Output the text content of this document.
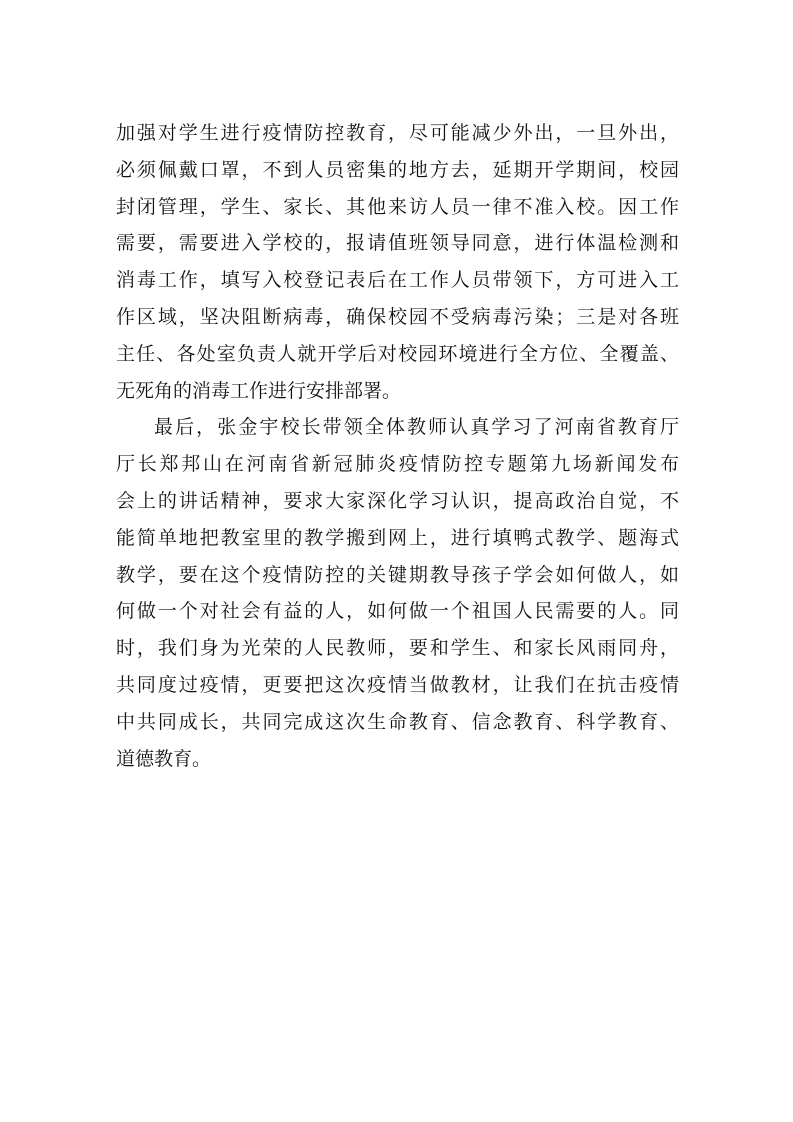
加强对学生进行疫情防控教育，尽可能减少外出，一旦外出，
必须佩戴口罩，不到人员密集的地方去，延期开学期间，校园
封闭管理，学生、家长、其他来访人员一律不准入校。因工作
需要，需要进入学校的，报请值班领导同意，进行体温检测和
消毒工作，填写入校登记表后在工作人员带领下，方可进入工
作区域，坚决阻断病毒，确保校园不受病毒污染；三是对各班
主任、各处室负责人就开学后对校园环境进行全方位、全覆盖、
无死角的消毒工作进行安排部署。

最后，张金宇校长带领全体教师认真学习了河南省教育厅
厅长郑邦山在河南省新冠肺炎疫情防控专题第九场新闻发布
会上的讲话精神，要求大家深化学习认识，提高政治自觉，不
能简单地把教室里的教学搬到网上，进行填鸭式教学、题海式
教学，要在这个疫情防控的关键期教导孩子学会如何做人，如
何做一个对社会有益的人，如何做一个祖国人民需要的人。同
时，我们身为光荣的人民教师，要和学生、和家长风雨同舟，
共同度过疫情，更要把这次疫情当做教材，让我们在抗击疫情
中共同成长，共同完成这次生命教育、信念教育、科学教育、
道德教育。
